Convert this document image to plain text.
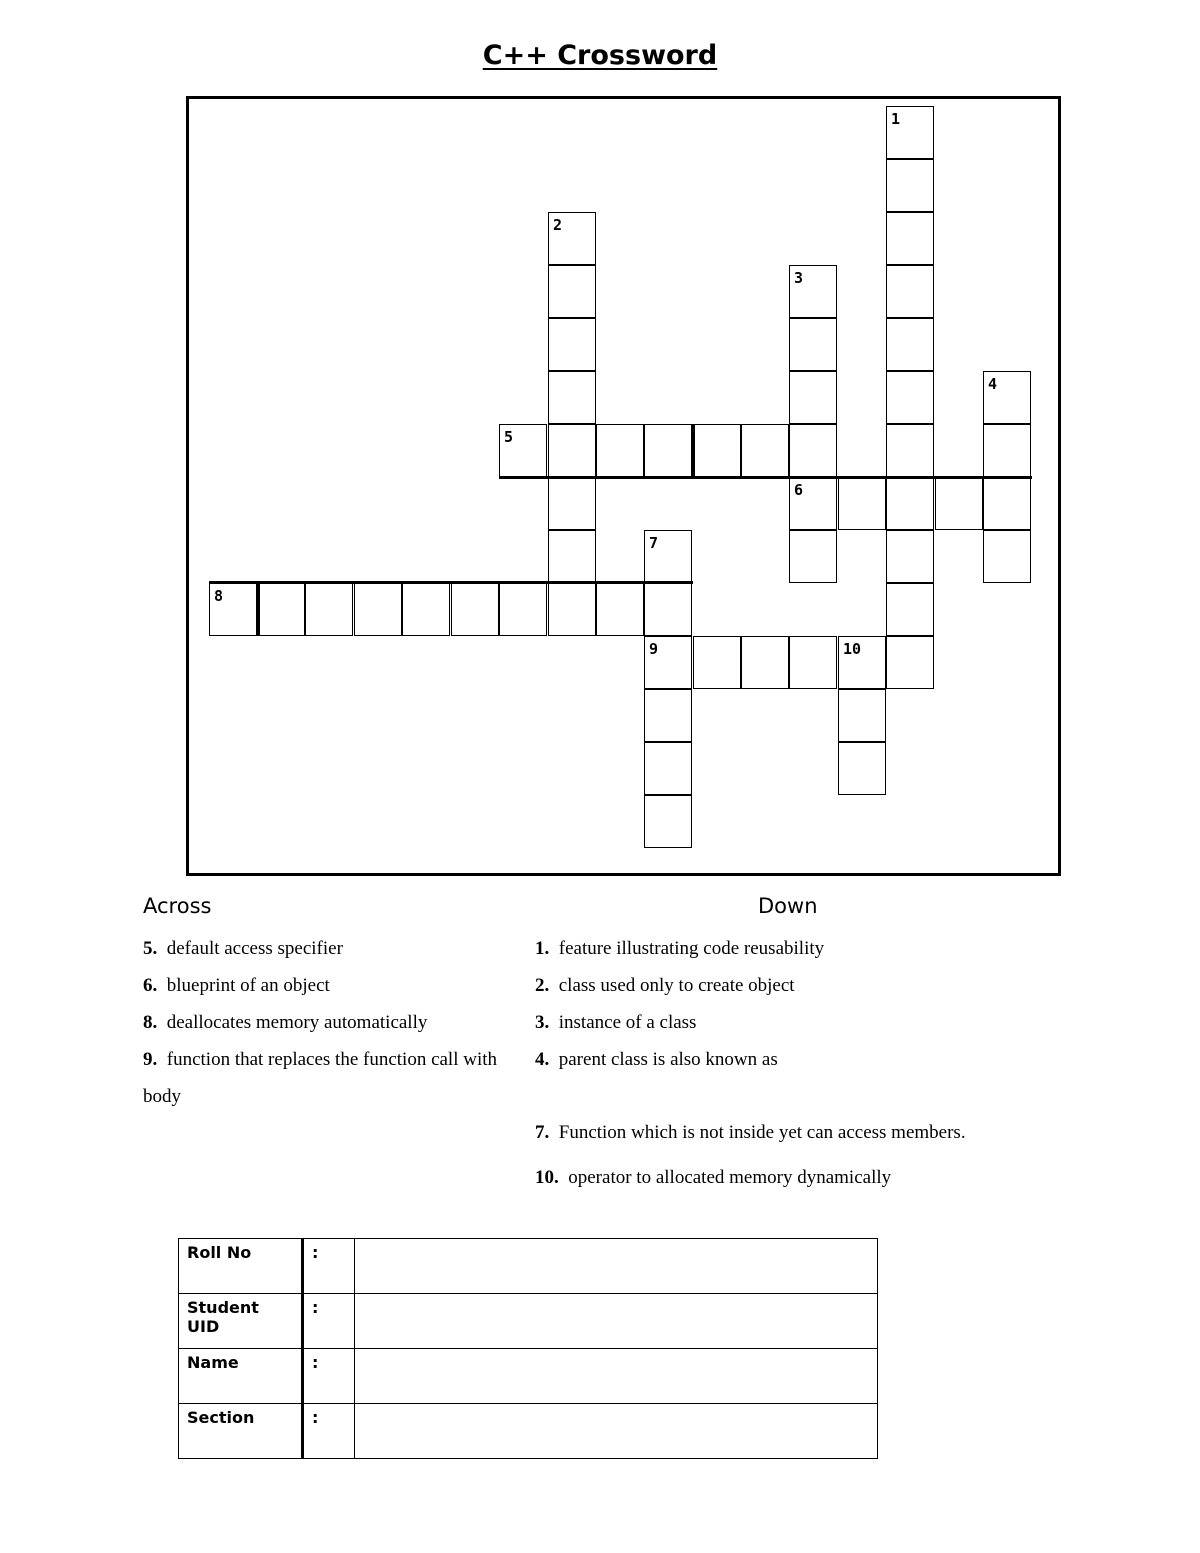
C++ Crossword
1
2
3
4
5
7
8
9	10
6
Across	Down
5. default access specifier
6. blueprint of an object
8. deallocates memory automatically
9. function that replaces the function call with body
1. feature illustrating code reusability
2. class used only to create object
3. instance of a class
4. parent class is also known as
7. Function which is not inside yet can access members.
10. operator to allocated memory dynamically
Roll No	:	
Student UID	:	
Name	:	
Section	:	
